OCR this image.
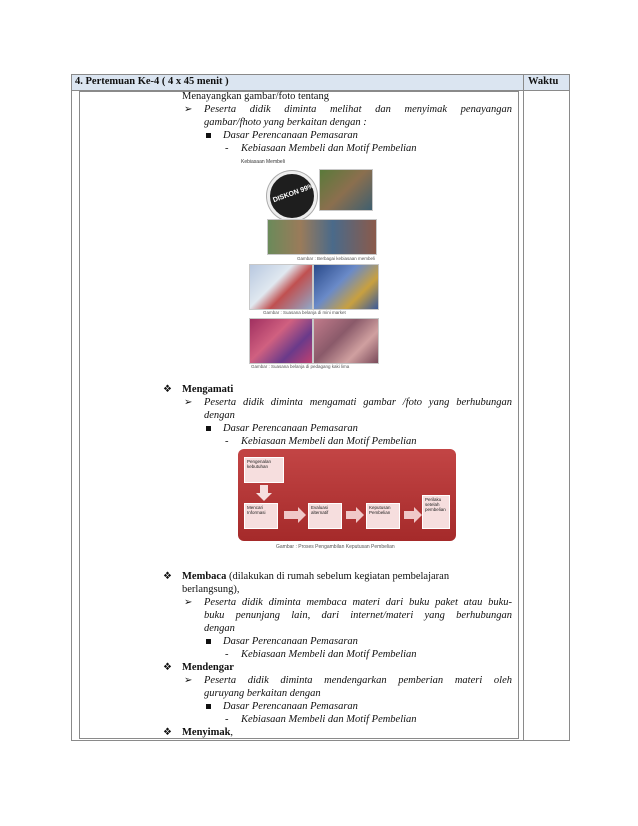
4. Pertemuan Ke-4 ( 4 x 45 menit )	Waktu
Menayangkan gambar/foto tentang
➢ Peserta didik diminta melihat dan menyimak penayangan
gambar/fhoto yang berkaitan dengan :
Dasar Perencanaan Pemasaran
- Kebiasaan Membeli dan Motif Pembelian
Kebiasaan Membeli
DISKON 99%
Gambar : Berbagai kebiasaan membeli
Gambar : Suasana belanja di mini market
Gambar : Suasana belanja di pedagang kaki lima
❖ Mengamati
➢ Peserta didik diminta mengamati gambar /foto yang berhubungan
dengan
Dasar Perencanaan Pemasaran
- Kebiasaan Membeli dan Motif Pembelian
Pengenalan kebutuhan
Mencari Informasi
Evaluasi alternatif
Keputusan Pembelian
Perilaku setelah pembelian
Gambar : Proses Pengambilan Keputusan Pembelian
❖ Membaca (dilakukan di rumah sebelum kegiatan pembelajaran
berlangsung),
➢ Peserta didik diminta membaca materi dari buku paket atau buku-
buku penunjang lain, dari internet/materi yang berhubungan
dengan
Dasar Perencanaan Pemasaran
- Kebiasaan Membeli dan Motif Pembelian
❖ Mendengar
➢ Peserta didik diminta mendengarkan pemberian materi oleh
guruyang berkaitan dengan
Dasar Perencanaan Pemasaran
- Kebiasaan Membeli dan Motif Pembelian
❖ Menyimak,
